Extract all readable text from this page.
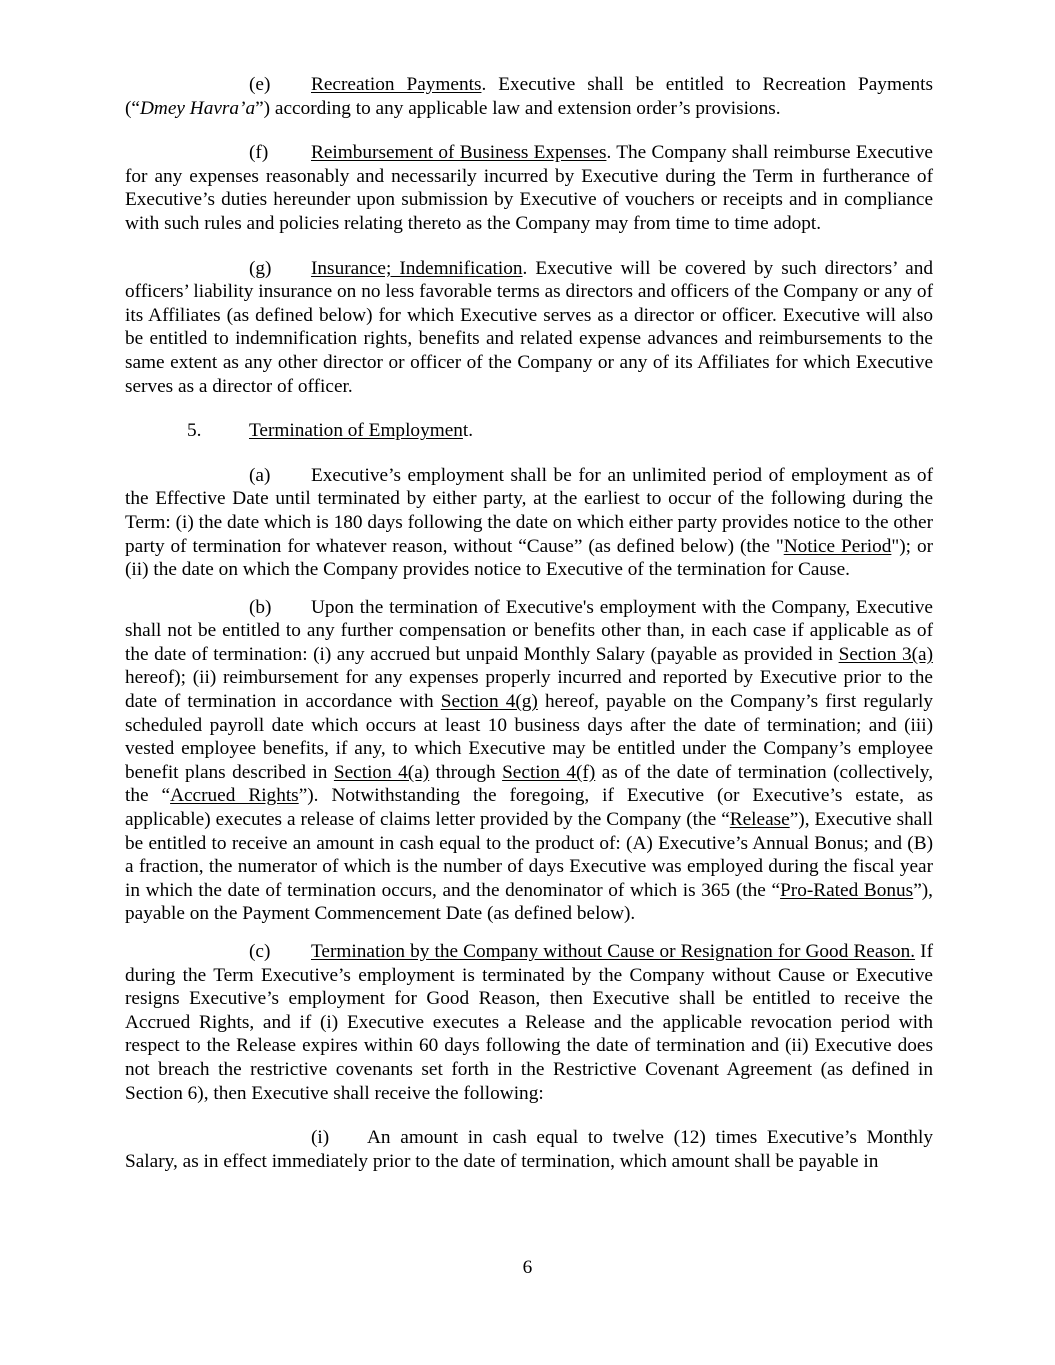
(e) Recreation Payments. Executive shall be entitled to Recreation Payments (“Dmey Havra’a”) according to any applicable law and extension order’s provisions.

(f) Reimbursement of Business Expenses. The Company shall reimburse Executive for any expenses reasonably and necessarily incurred by Executive during the Term in furtherance of Executive’s duties hereunder upon submission by Executive of vouchers or receipts and in compliance with such rules and policies relating thereto as the Company may from time to time adopt.

(g) Insurance; Indemnification. Executive will be covered by such directors’ and officers’ liability insurance on no less favorable terms as directors and officers of the Company or any of its Affiliates (as defined below) for which Executive serves as a director or officer. Executive will also be entitled to indemnification rights, benefits and related expense advances and reimbursements to the same extent as any other director or officer of the Company or any of its Affiliates for which Executive serves as a director of officer.

5. Termination of Employment.

(a) Executive’s employment shall be for an unlimited period of employment as of the Effective Date until terminated by either party, at the earliest to occur of the following during the Term: (i) the date which is 180 days following the date on which either party provides notice to the other party of termination for whatever reason, without “Cause” (as defined below) (the "Notice Period"); or (ii) the date on which the Company provides notice to Executive of the termination for Cause.

(b) Upon the termination of Executive's employment with the Company, Executive shall not be entitled to any further compensation or benefits other than, in each case if applicable as of the date of termination: (i) any accrued but unpaid Monthly Salary (payable as provided in Section 3(a) hereof); (ii) reimbursement for any expenses properly incurred and reported by Executive prior to the date of termination in accordance with Section 4(g) hereof, payable on the Company’s first regularly scheduled payroll date which occurs at least 10 business days after the date of termination; and (iii) vested employee benefits, if any, to which Executive may be entitled under the Company’s employee benefit plans described in Section 4(a) through Section 4(f) as of the date of termination (collectively, the “Accrued Rights”). Notwithstanding the foregoing, if Executive (or Executive’s estate, as applicable) executes a release of claims letter provided by the Company (the “Release”), Executive shall be entitled to receive an amount in cash equal to the product of: (A) Executive’s Annual Bonus; and (B) a fraction, the numerator of which is the number of days Executive was employed during the fiscal year in which the date of termination occurs, and the denominator of which is 365 (the “Pro-Rated Bonus”), payable on the Payment Commencement Date (as defined below).

(c) Termination by the Company without Cause or Resignation for Good Reason. If during the Term Executive’s employment is terminated by the Company without Cause or Executive resigns Executive’s employment for Good Reason, then Executive shall be entitled to receive the Accrued Rights, and if (i) Executive executes a Release and the applicable revocation period with respect to the Release expires within 60 days following the date of termination and (ii) Executive does not breach the restrictive covenants set forth in the Restrictive Covenant Agreement (as defined in Section 6), then Executive shall receive the following:

(i) An amount in cash equal to twelve (12) times Executive’s Monthly Salary, as in effect immediately prior to the date of termination, which amount shall be payable in

6
